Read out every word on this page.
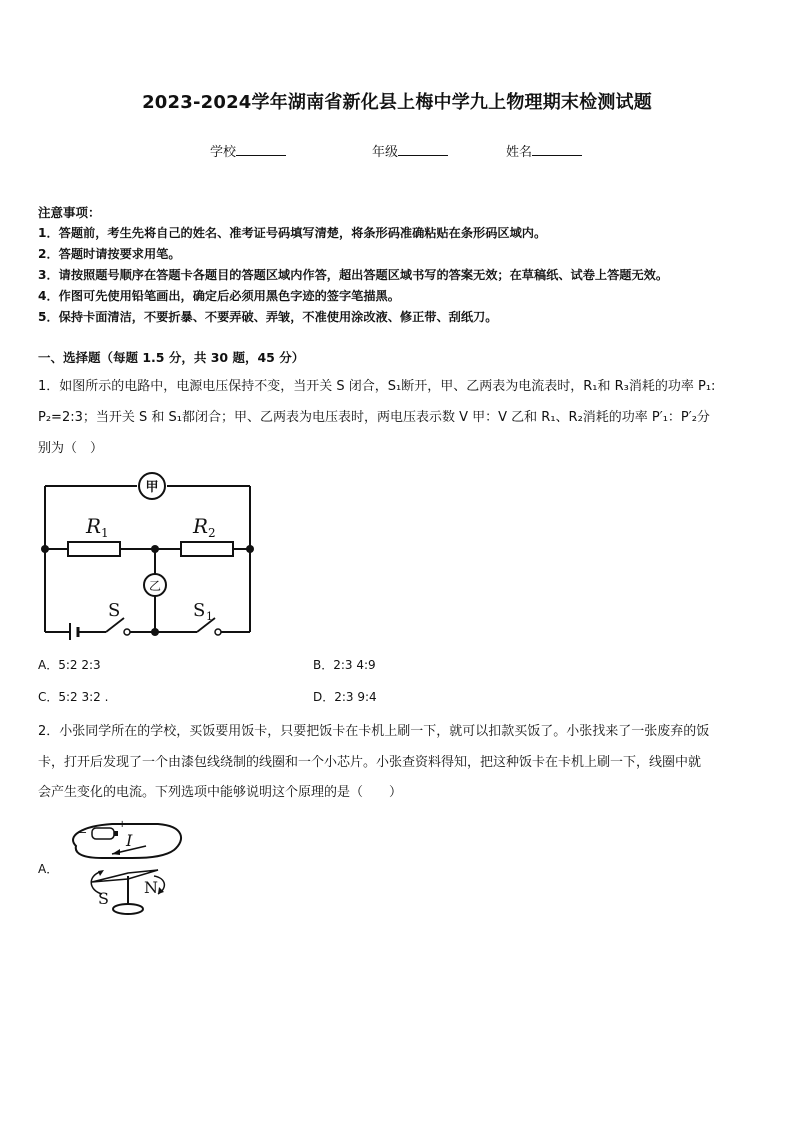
2023-2024学年湖南省新化县上梅中学九上物理期末检测试题
学校	年级	姓名
注意事项：
1．答题前，考生先将自己的姓名、准考证号码填写清楚，将条形码准确粘贴在条形码区域内。
2．答题时请按要求用笔。
3．请按照题号顺序在答题卡各题目的答题区域内作答，超出答题区域书写的答案无效；在草稿纸、试卷上答题无效。
4．作图可先使用铅笔画出，确定后必须用黑色字迹的签字笔描黑。
5．保持卡面清洁，不要折暴、不要弄破、弄皱，不准使用涂改液、修正带、刮纸刀。
一、选择题（每题 1.5 分，共 30 题，45 分）
1．如图所示的电路中，电源电压保持不变，当开关 S 闭合，S₁断开，甲、乙两表为电流表时，R₁和 R₃消耗的功率 P₁:
P₂=2:3；当开关 S 和 S₁都闭合；甲、乙两表为电压表时，两电压表示数 V 甲：V 乙和 R₁、R₂消耗的功率 P′₁：P′₂分
别为（　）
甲
乙
R 1	R 2
S	S 1
A．5:2 2:3	B．2:3 4:9
C．5:2 3:2 .	D．2:3 9:4
2．小张同学所在的学校，买饭要用饭卡，只要把饭卡在卡机上刷一下，就可以扣款买饭了。小张找来了一张废弃的饭
卡，打开后发现了一个由漆包线绕制的线圈和一个小芯片。小张查资料得知，把这种饭卡在卡机上刷一下，线圈中就
会产生变化的电流。下列选项中能够说明这个原理的是（　　）
A．
−
+
I
S
N
